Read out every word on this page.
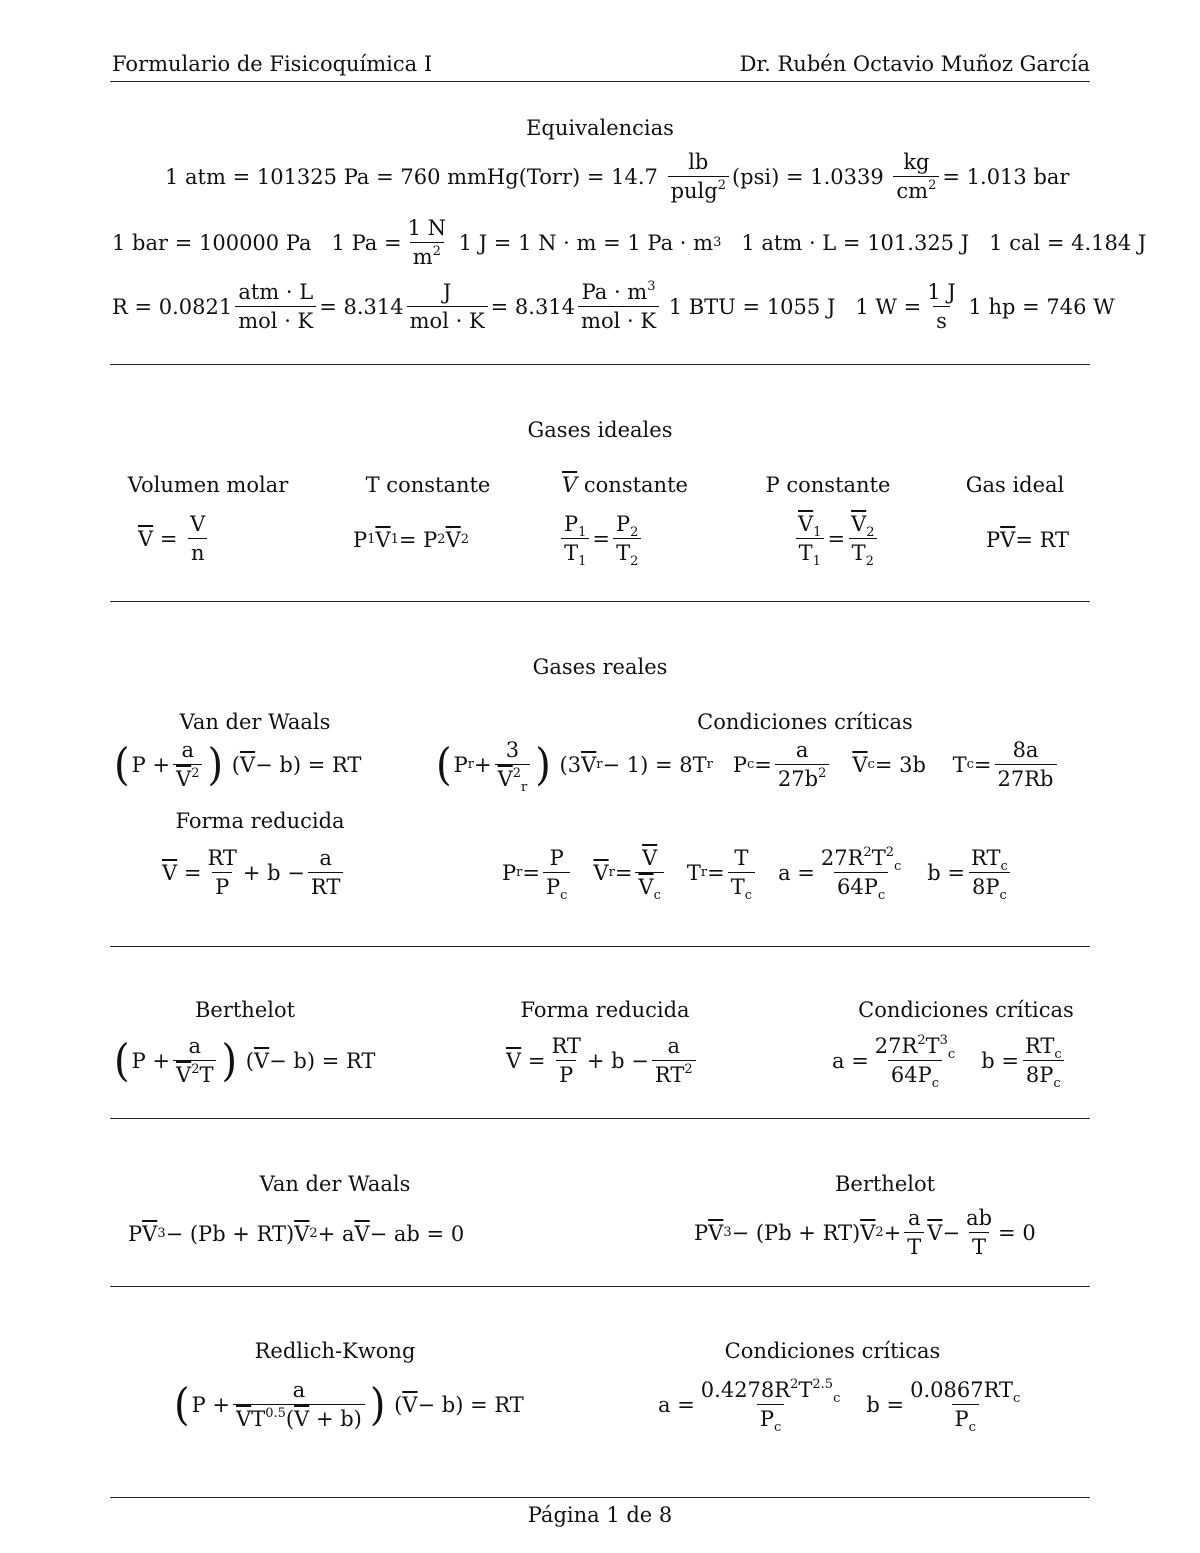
Formulario de Fisicoquímica I	Dr. Rubén Octavio Muñoz García
Equivalencias
1 atm = 101325 Pa = 760 mmHg(Torr) = 14.7
lb
pulg$^2$ (psi) = 1.0339
kg
$cm^2 = 1.013$ bar
1 bar = 100000 Pa   1 Pa =
1 N
$m^2$ 1 J = 1 N · m = 1 Pa · m 3 1 atm · L = 101.325 J   1 cal = 4.184 J
R = 0.0821
atm · L
mol · K
= 8.314
J
mol · K
= 8.314
$Pa \cdot m^3$
mol · K
1 BTU = 1055 J   1 W =
1 J
s
1 hp = 746 W
Gases ideales
Volumen molar	T constante	$\overline{V}$ constante	P constante	Gas ideal
$\overline{V}$ =
V
n
P 1 $\overline{V}$ 1 = P 2 $\overline{V}$ 2
$P_1$
$T_1$
=
$P_2$
$T_2$
$\overline{V}_1$
$T_1$
=
$\overline{V}_2$
$T_2$
P $\overline{V}$ = RT
Gases reales
Van der Waals	Condiciones críticas
( P +
a
$\overline{V}^2$ ) ( $\overline{V} - b$) = RT ( P r +
3
$\overline{V}^2_r$ ) (3 $\overline{V}$ r − 1) = 8T r P c =
a
$27b^2$
$\overline{V}$ c = 3b    T c =
8a
27Rb
Forma reducida
$\overline{V}$ =
RT
P
+ b −
a
RT
P r =
P
$P_c$

$\overline{V}$ r =
$\overline{V}$
$\overline{V}_c$
T r =
T
$T_c$
a =
$27R^2T^2_c$
$64P_c$
b =
$RT_c$
$8P_c$
Berthelot	Forma reducida	Condiciones críticas
( P +
a
$\overline{V}^2T$ ) ( $\overline{V} - b$) = RT	$\overline{V}$ =
RT
P
+ b −
a
$RT^2$	a =
$27R^2T^3_c$
$64P_c$
b =
$RT_c$
$8P_c$
Van der Waals	Berthelot
P $\overline{V}$ 3 − (Pb + RT) $\overline{V}$ 2 + a $\overline{V}$ − ab = 0	P $\overline{V}$ 3 − (Pb + RT) $\overline{V}$ 2 +
a
T
$\overline{V}$ −
ab
T
= 0
Redlich-Kwong	Condiciones críticas
( P +
a
$\overline{V}T^{0.5}(\overline{V} + b)$ ) ( $\overline{V} - b$) = RT	a =
$0.4278R^2T^{2.5}_c$
$P_c$
b =
$0.0867RT_c$
$P_c$
Página 1 de 8
